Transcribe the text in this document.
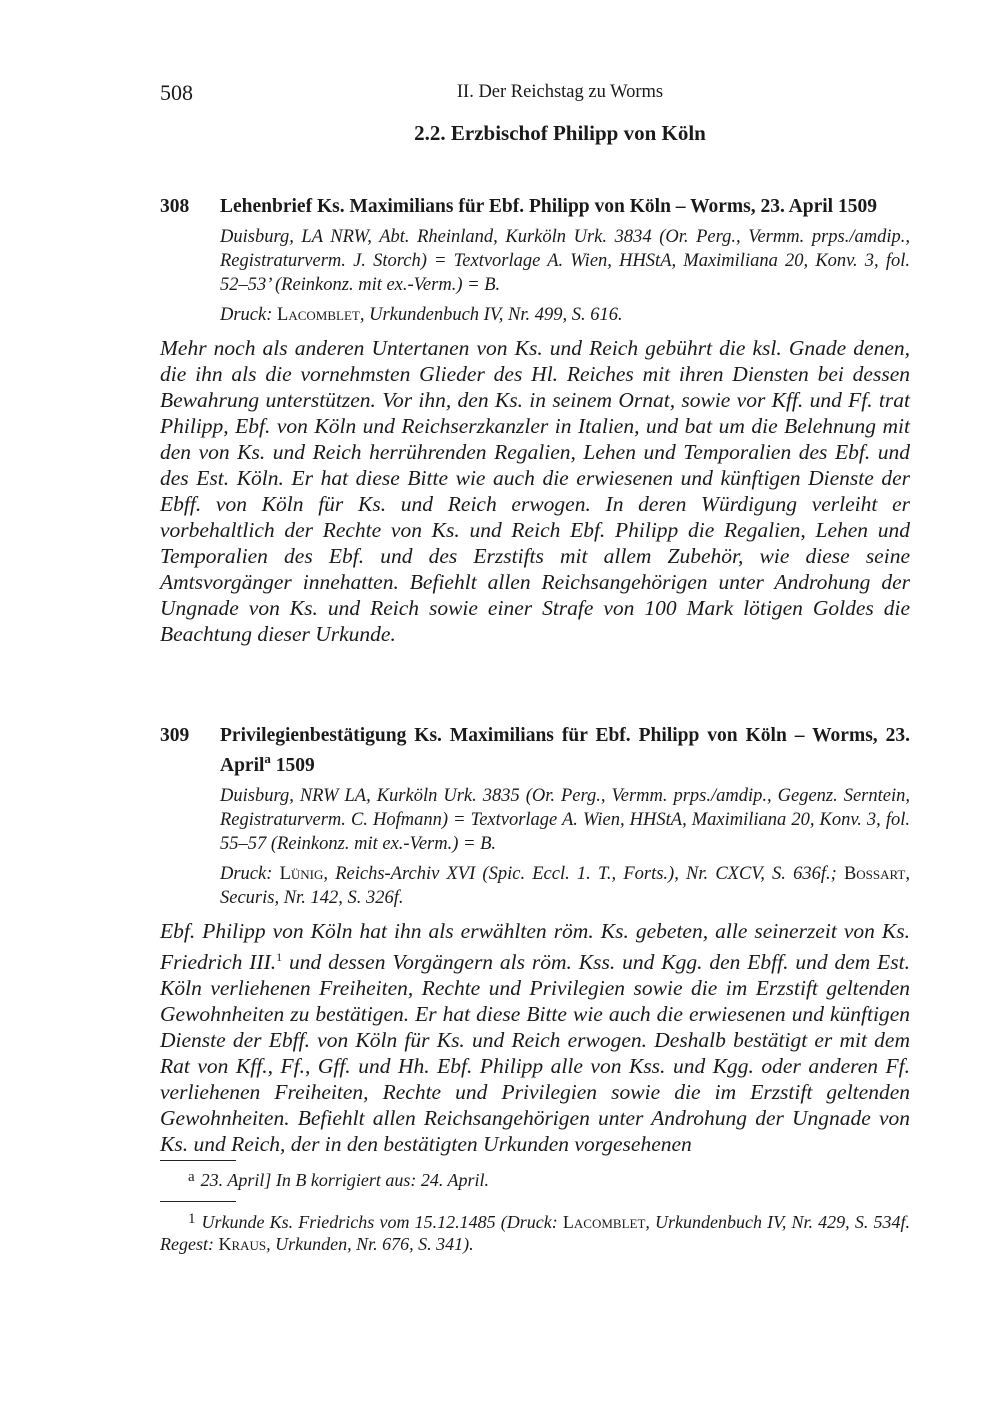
508	II. Der Reichstag zu Worms
2.2. Erzbischof Philipp von Köln
308	Lehenbrief Ks. Maximilians für Ebf. Philipp von Köln – Worms, 23. April 1509
Duisburg, LA NRW, Abt. Rheinland, Kurköln Urk. 3834 (Or. Perg., Vermm. prps./amdip., Registraturverm. J. Storch) = Textvorlage A. Wien, HHStA, Maximiliana 20, Konv. 3, fol. 52–53’ (Reinkonz. mit ex.-Verm.) = B.
Druck: Lacomblet, Urkundenbuch IV, Nr. 499, S. 616.
Mehr noch als anderen Untertanen von Ks. und Reich gebührt die ksl. Gnade denen, die ihn als die vornehmsten Glieder des Hl. Reiches mit ihren Diensten bei dessen Bewahrung unterstützen. Vor ihn, den Ks. in seinem Ornat, sowie vor Kff. und Ff. trat Philipp, Ebf. von Köln und Reichserzkanzler in Italien, und bat um die Belehnung mit den von Ks. und Reich herrührenden Regalien, Lehen und Temporalien des Ebf. und des Est. Köln. Er hat diese Bitte wie auch die erwiesenen und künftigen Dienste der Ebff. von Köln für Ks. und Reich erwogen. In deren Würdigung verleiht er vorbehaltlich der Rechte von Ks. und Reich Ebf. Philipp die Regalien, Lehen und Temporalien des Ebf. und des Erzstifts mit allem Zubehör, wie diese seine Amtsvorgänger innehatten. Befiehlt allen Reichsangehörigen unter Androhung der Ungnade von Ks. und Reich sowie einer Strafe von 100 Mark lötigen Goldes die Beachtung dieser Urkunde.
309	Privilegienbestätigung Ks. Maximilians für Ebf. Philipp von Köln – Worms, 23. April$^a$ 1509
Duisburg, NRW LA, Kurköln Urk. 3835 (Or. Perg., Vermm. prps./amdip., Gegenz. Serntein, Registraturverm. C. Hofmann) = Textvorlage A. Wien, HHStA, Maximiliana 20, Konv. 3, fol. 55–57 (Reinkonz. mit ex.-Verm.) = B.
Druck: Lünig, Reichs-Archiv XVI (Spic. Eccl. 1. T., Forts.), Nr. CXCV, S. 636f.; Bossart, Securis, Nr. 142, S. 326f.
Ebf. Philipp von Köln hat ihn als erwählten röm. Ks. gebeten, alle seinerzeit von Ks. Friedrich III.$^1$ und dessen Vorgängern als röm. Kss. und Kgg. den Ebff. und dem Est. Köln verliehenen Freiheiten, Rechte und Privilegien sowie die im Erzstift geltenden Gewohnheiten zu bestätigen. Er hat diese Bitte wie auch die erwiesenen und künftigen Dienste der Ebff. von Köln für Ks. und Reich erwogen. Deshalb bestätigt er mit dem Rat von Kff., Ff., Gff. und Hh. Ebf. Philipp alle von Kss. und Kgg. oder anderen Ff. verliehenen Freiheiten, Rechte und Privilegien sowie die im Erzstift geltenden Gewohnheiten. Befiehlt allen Reichsangehörigen unter Androhung der Ungnade von Ks. und Reich, der in den bestätigten Urkunden vorgesehenen
$^a$ 23. April] In B korrigiert aus: 24. April.
$^1$ Urkunde Ks. Friedrichs vom 15.12.1485 (Druck: Lacomblet, Urkundenbuch IV, Nr. 429, S. 534f. Regest: Kraus, Urkunden, Nr. 676, S. 341).
